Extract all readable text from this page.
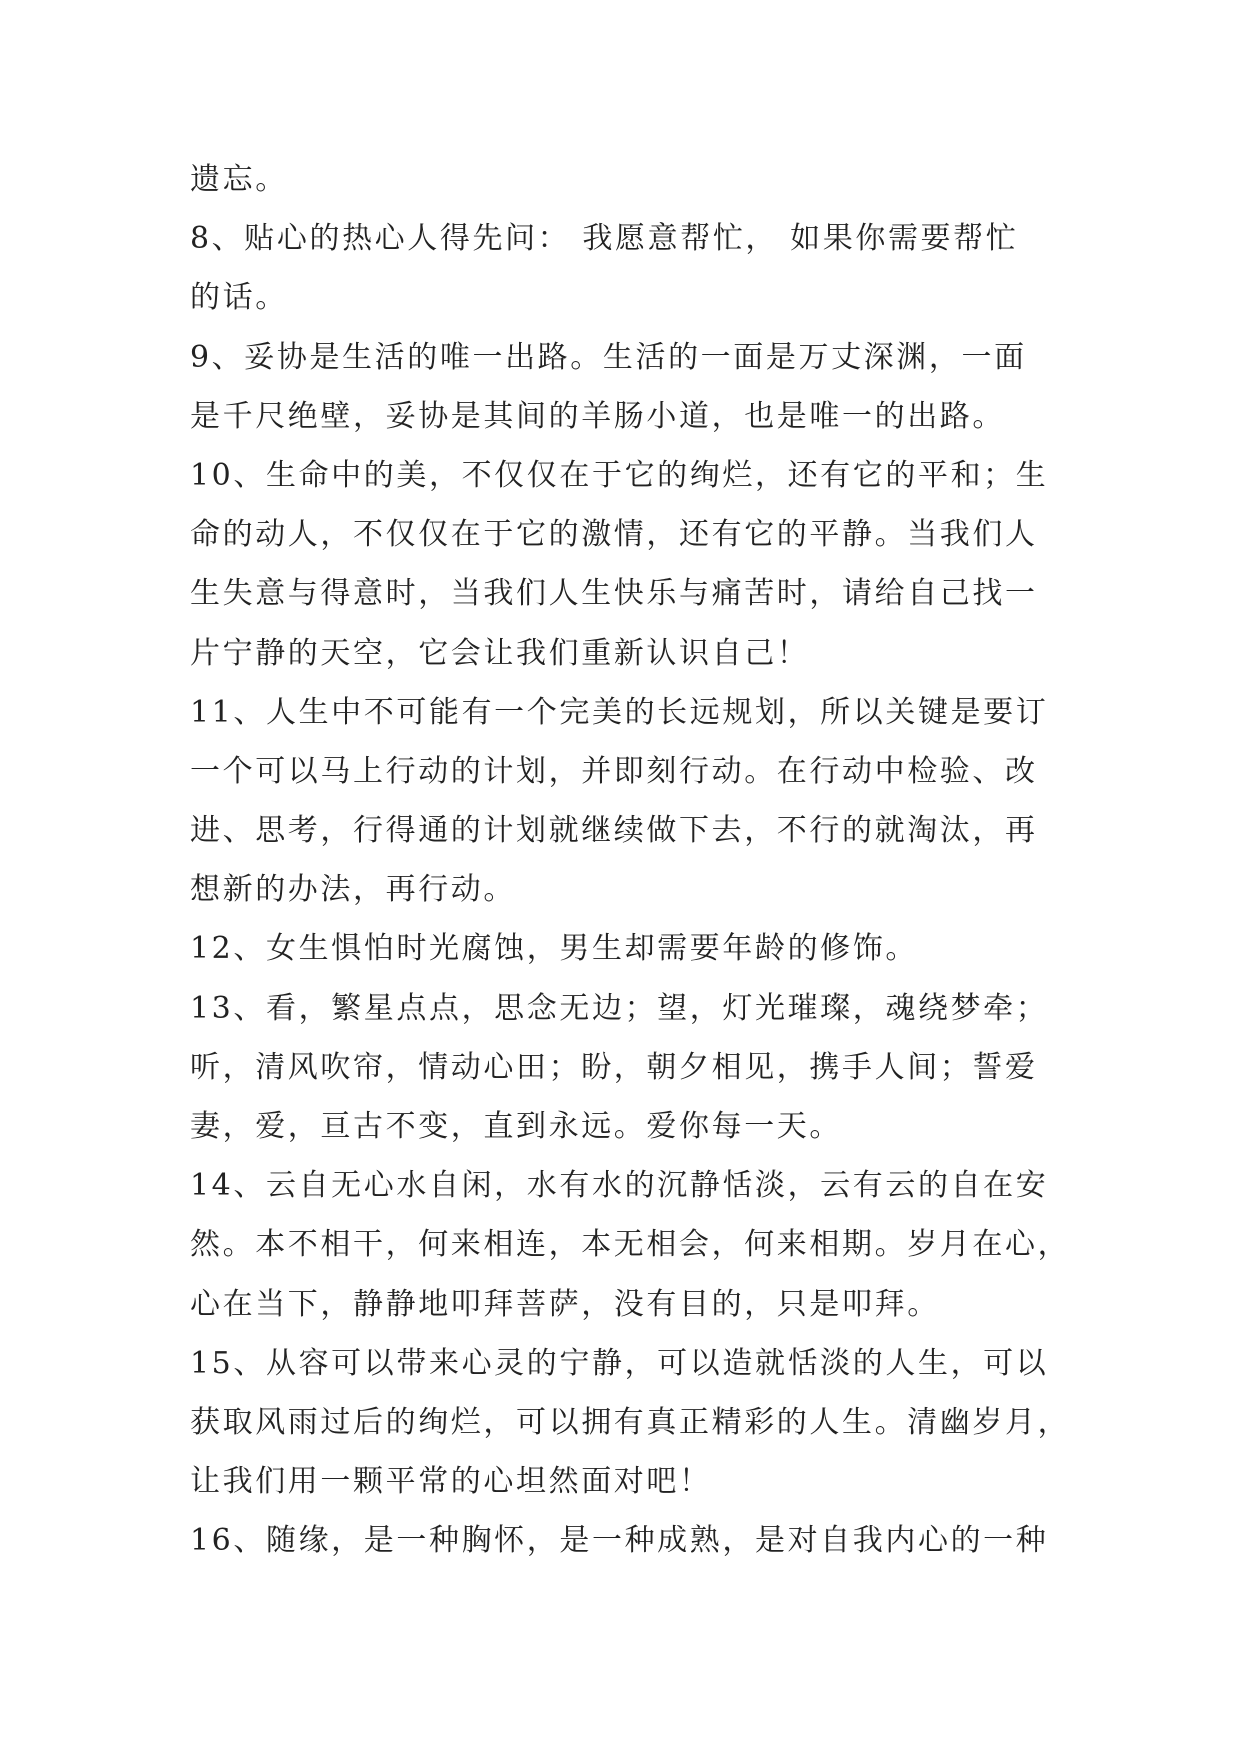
遗忘。
8、贴心的热心人得先问： 我愿意帮忙， 如果你需要帮忙
的话。
9、妥协是生活的唯一出路。生活的一面是万丈深渊，一面
是千尺绝壁，妥协是其间的羊肠小道，也是唯一的出路。
10、生命中的美，不仅仅在于它的绚烂，还有它的平和；生
命的动人，不仅仅在于它的激情，还有它的平静。当我们人
生失意与得意时，当我们人生快乐与痛苦时，请给自己找一
片宁静的天空，它会让我们重新认识自己！
11、人生中不可能有一个完美的长远规划，所以关键是要订
一个可以马上行动的计划，并即刻行动。在行动中检验、改
进、思考，行得通的计划就继续做下去，不行的就淘汰，再
想新的办法，再行动。
12、女生惧怕时光腐蚀，男生却需要年龄的修饰。
13、看，繁星点点，思念无边；望，灯光璀璨，魂绕梦牵；
听，清风吹帘，情动心田；盼，朝夕相见，携手人间；誓爱
妻，爱，亘古不变，直到永远。爱你每一天。
14、云自无心水自闲，水有水的沉静恬淡，云有云的自在安
然。本不相干，何来相连，本无相会，何来相期。岁月在心，
心在当下，静静地叩拜菩萨，没有目的，只是叩拜。
15、从容可以带来心灵的宁静，可以造就恬淡的人生，可以
获取风雨过后的绚烂，可以拥有真正精彩的人生。清幽岁月，
让我们用一颗平常的心坦然面对吧！
16、随缘，是一种胸怀，是一种成熟，是对自我内心的一种
